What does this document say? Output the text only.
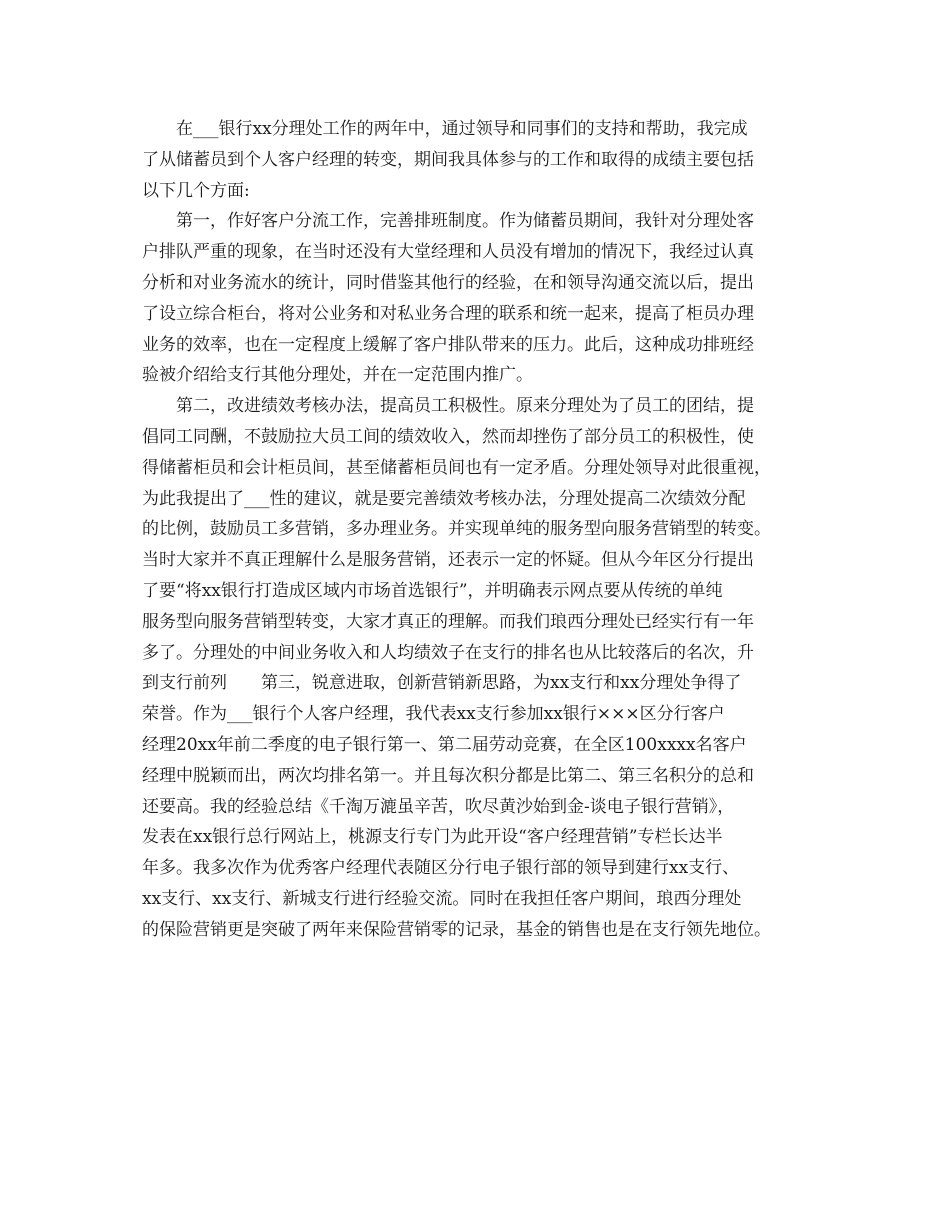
在___银行xx分理处工作的两年中，通过领导和同事们的支持和帮助，我完成
了从储蓄员到个人客户经理的转变，期间我具体参与的工作和取得的成绩主要包括
以下几个方面:
第一，作好客户分流工作，完善排班制度。作为储蓄员期间，我针对分理处客
户排队严重的现象，在当时还没有大堂经理和人员没有增加的情况下，我经过认真
分析和对业务流水的统计，同时借鉴其他行的经验，在和领导沟通交流以后，提出
了设立综合柜台，将对公业务和对私业务合理的联系和统一起来，提高了柜员办理
业务的效率，也在一定程度上缓解了客户排队带来的压力。此后，这种成功排班经
验被介绍给支行其他分理处，并在一定范围内推广。
第二，改进绩效考核办法，提高员工积极性。原来分理处为了员工的团结，提
倡同工同酬，不鼓励拉大员工间的绩效收入，然而却挫伤了部分员工的积极性，使
得储蓄柜员和会计柜员间，甚至储蓄柜员间也有一定矛盾。分理处领导对此很重视，
为此我提出了___性的建议，就是要完善绩效考核办法，分理处提高二次绩效分配
的比例，鼓励员工多营销，多办理业务。并实现单纯的服务型向服务营销型的转变。
当时大家并不真正理解什么是服务营销，还表示一定的怀疑。但从今年区分行提出
了要“将xx银行打造成区域内市场首选银行”，并明确表示网点要从传统的单纯
服务型向服务营销型转变，大家才真正的理解。而我们琅西分理处已经实行有一年
多了。分理处的中间业务收入和人均绩效子在支行的排名也从比较落后的名次，升
到支行前列　　第三，锐意进取，创新营销新思路，为xx支行和xx分理处争得了
荣誉。作为___银行个人客户经理，我代表xx支行参加xx银行×××区分行客户
经理20xx年前二季度的电子银行第一、第二届劳动竞赛，在全区100xxxx名客户
经理中脱颖而出，两次均排名第一。并且每次积分都是比第二、第三名积分的总和
还要高。我的经验总结《千淘万漉虽辛苦，吹尽黄沙始到金-谈电子银行营销》，
发表在xx银行总行网站上，桃源支行专门为此开设“客户经理营销”专栏长达半
年多。我多次作为优秀客户经理代表随区分行电子银行部的领导到建行xx支行、
xx支行、xx支行、新城支行进行经验交流。同时在我担任客户期间，琅西分理处
的保险营销更是突破了两年来保险营销零的记录，基金的销售也是在支行领先地位。
